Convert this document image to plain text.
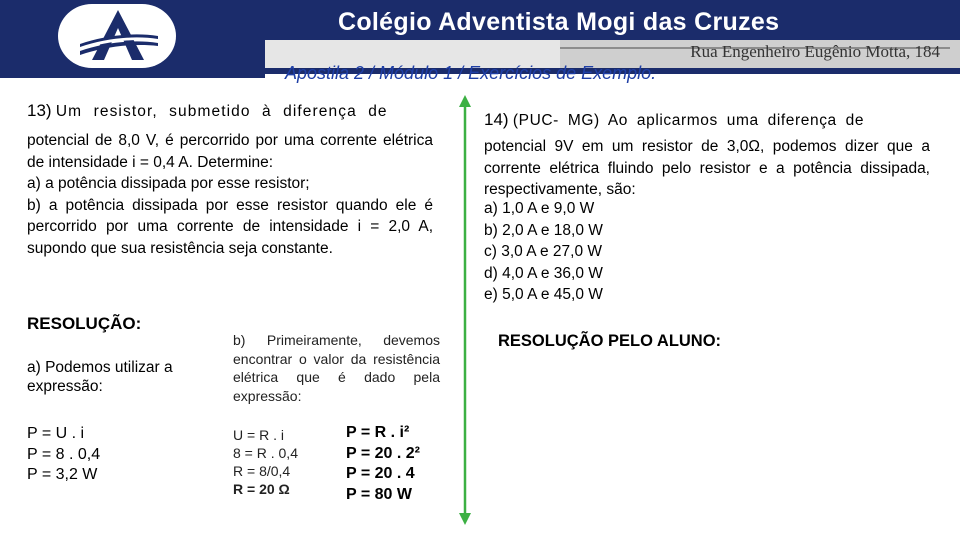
Colégio Adventista Mogi das Cruzes
Rua Engenheiro Eugênio Motta, 184
Apostila 2 / Módulo 1 / Exercícios de Exemplo.
13) Um resistor, submetido à diferença de

potencial de 8,0 V, é percorrido por uma corrente elétrica de intensidade i = 0,4 A. Determine:

a) a potência dissipada por esse resistor;

b) a potência dissipada por esse resistor quando ele é percorrido por uma corrente de intensidade i = 2,0 A, supondo que sua resistência seja constante.

RESOLUÇÃO:
a) Podemos utilizar a expressão:
P = U . i
P = 8 . 0,4
P = 3,2 W
b) Primeiramente, devemos encontrar o valor da resistência elétrica que é dado pela expressão:
U = R . i
8 = R . 0,4
R = 8/0,4
R = 20 Ω
P = R . i²
P = 20 . 2²
P = 20 . 4
P = 80 W
14) (PUC- MG) Ao aplicarmos uma diferença de

potencial 9V em um resistor de 3,0Ω, podemos dizer que a corrente elétrica fluindo pelo resistor e a potência dissipada, respectivamente, são:

a) 1,0 A e 9,0 W
b) 2,0 A e 18,0 W
c) 3,0 A e 27,0 W
d) 4,0 A e 36,0 W
e) 5,0 A e 45,0 W
RESOLUÇÃO PELO ALUNO:
